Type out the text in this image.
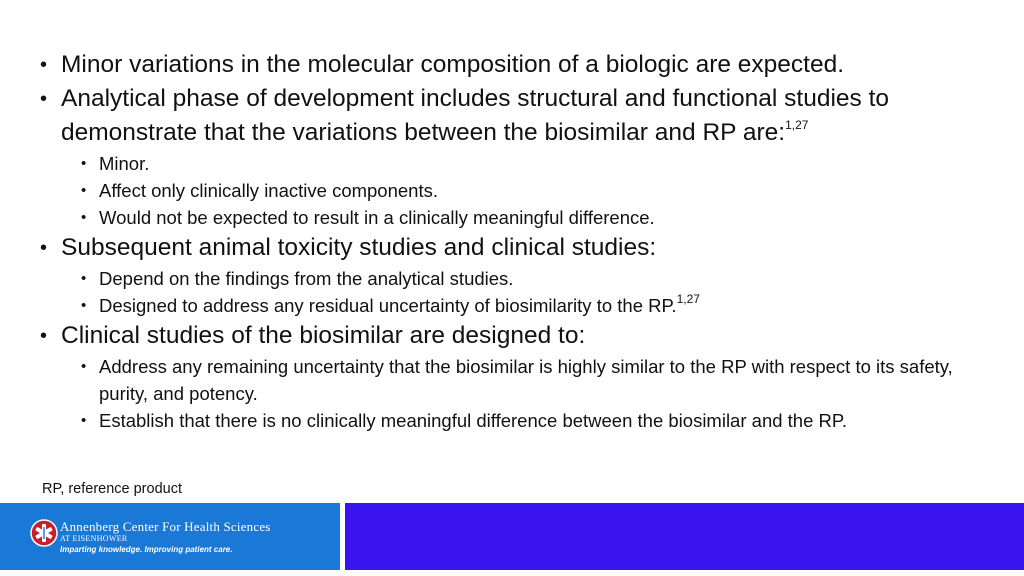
• Minor variations in the molecular composition of a biologic are expected.
• Analytical phase of development includes structural and functional studies to demonstrate that the variations between the biosimilar and RP are:$^{1,27}$
• Minor.
• Affect only clinically inactive components.
• Would not be expected to result in a clinically meaningful difference.
• Subsequent animal toxicity studies and clinical studies:
• Depend on the findings from the analytical studies.
• Designed to address any residual uncertainty of biosimilarity to the RP.$^{1,27}$
• Clinical studies of the biosimilar are designed to:
• Address any remaining uncertainty that the biosimilar is highly similar to the RP with respect to its safety, purity, and potency.
• Establish that there is no clinically meaningful difference between the biosimilar and the RP.
RP, reference product
Annenberg Center For Health Sciences
AT EISENHOWER
Imparting knowledge. Improving patient care.
